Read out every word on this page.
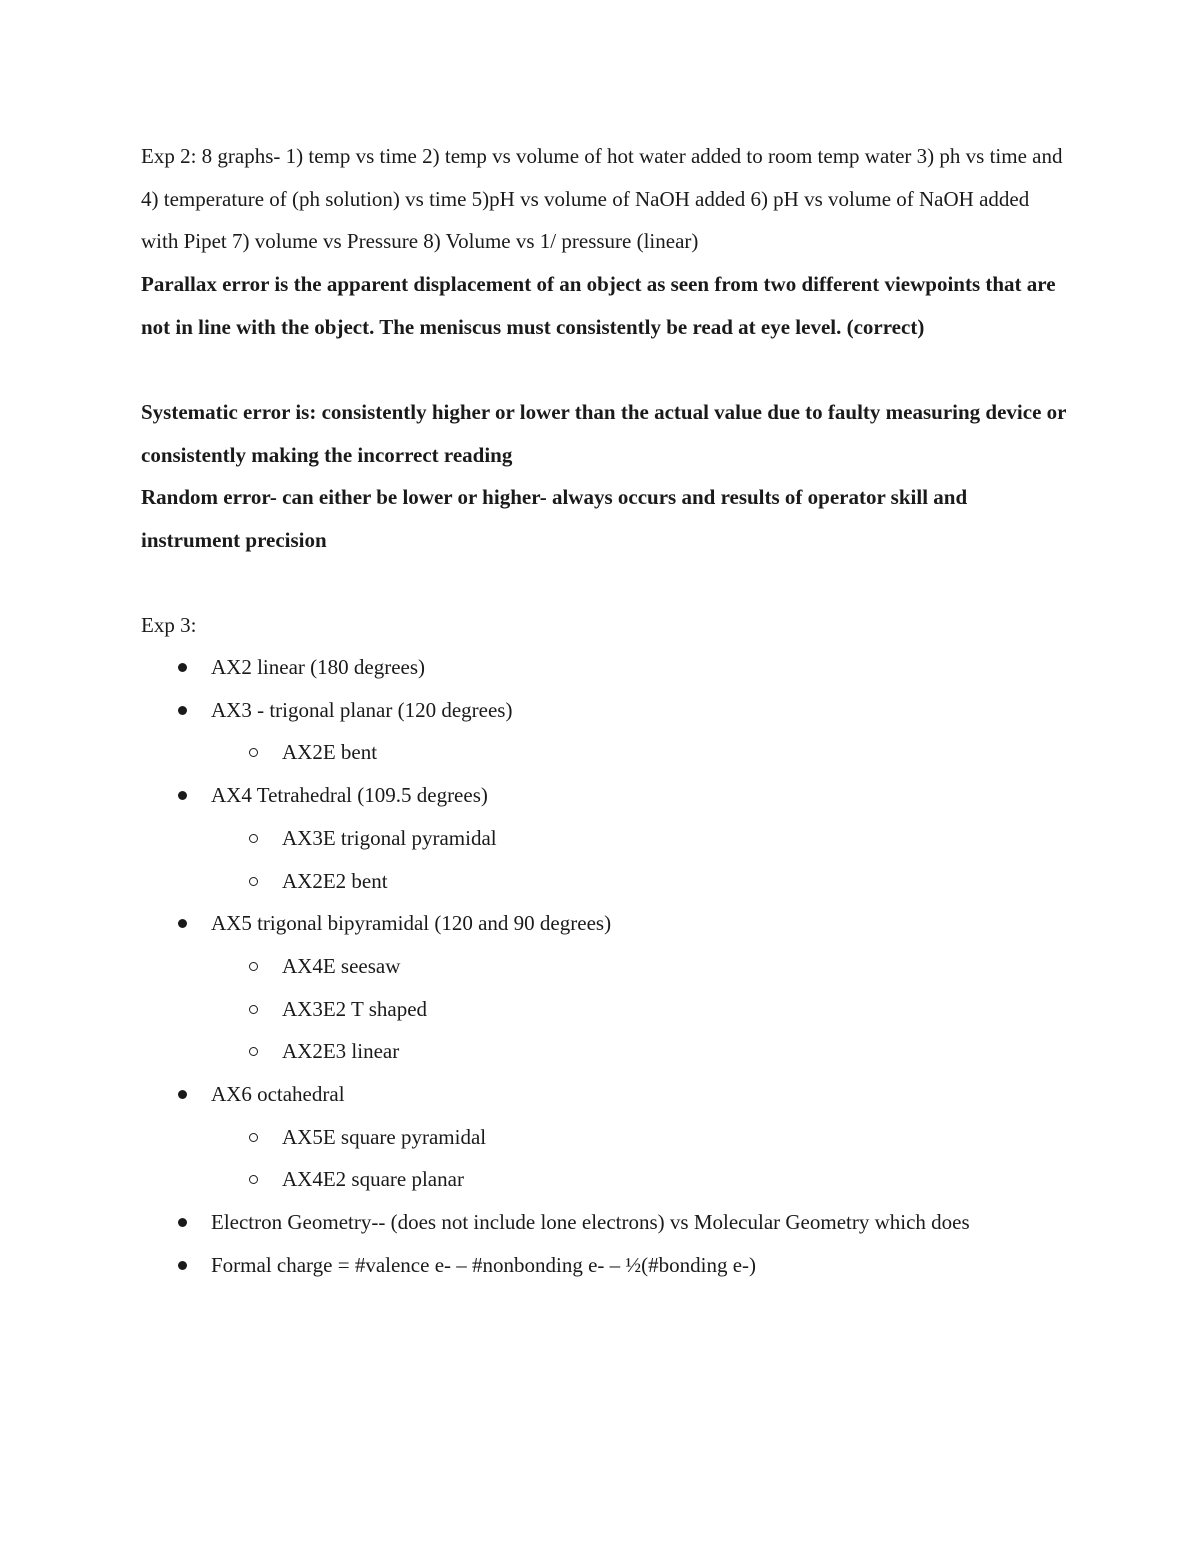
Exp 2: 8 graphs- 1) temp vs time 2) temp vs volume of hot water added to room temp water 3) ph vs time and 4) temperature of (ph solution) vs time 5)pH vs volume of NaOH added 6) pH vs volume of NaOH added with Pipet 7) volume vs Pressure 8) Volume vs 1/ pressure (linear)

Parallax error is the apparent displacement of an object as seen from two different viewpoints that are not in line with the object. The meniscus must consistently be read at eye level. (correct)

Systematic error is: consistently higher or lower than the actual value due to faulty measuring device or consistently making the incorrect reading

Random error- can either be lower or higher- always occurs and results of operator skill and instrument precision

Exp 3:
AX2 linear (180 degrees)
AX3 - trigonal planar (120 degrees)
AX2E bent
AX4 Tetrahedral (109.5 degrees)
AX3E trigonal pyramidal
AX2E2 bent
AX5 trigonal bipyramidal (120 and 90 degrees)
AX4E seesaw
AX3E2 T shaped
AX2E3 linear
AX6 octahedral
AX5E square pyramidal
AX4E2 square planar
Electron Geometry-- (does not include lone electrons) vs Molecular Geometry which does
Formal charge = #valence e- – #nonbonding e- – ½(#bonding e-)
